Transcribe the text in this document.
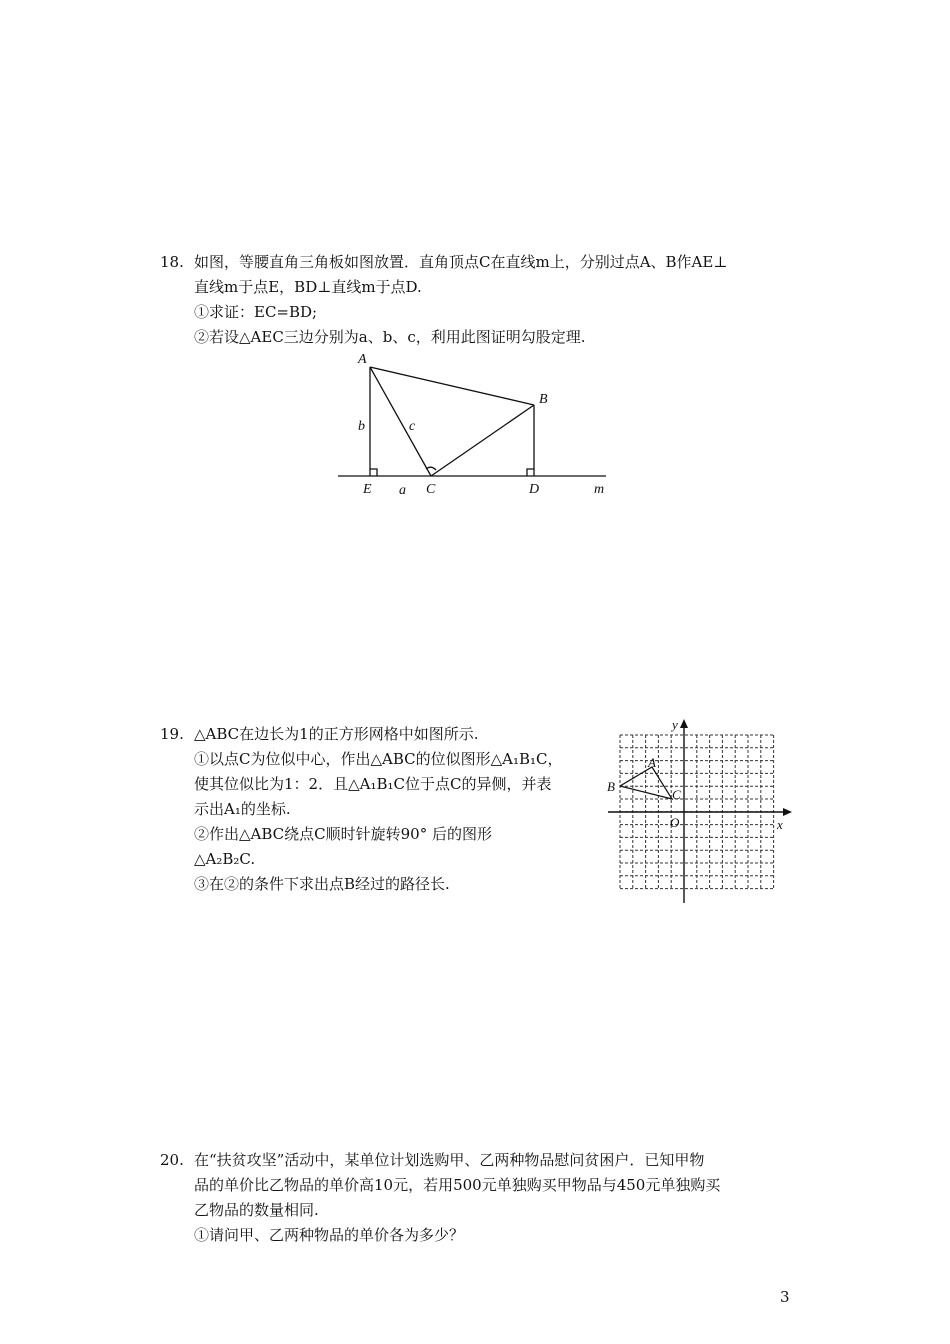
18. 如图，等腰直角三角板如图放置．直角顶点C在直线m上，分别过点A、B作AE⊥
直线m于点E，BD⊥直线m于点D.
①求证：EC=BD;
②若设△AEC三边分别为a、b、c，利用此图证明勾股定理.
A
B
C	D
E a
b	c
m
19. △ABC在边长为1的正方形网格中如图所示.
①以点C为位似中心，作出△ABC的位似图形△A₁B₁C，
使其位似比为1：2．且△A₁B₁C位于点C的异侧，并表
示出A₁的坐标.
②作出△ABC绕点C顺时针旋转90° 后的图形
△A₂B₂C.
③在②的条件下求出点B经过的路径长.
B
A
C
O	x
y
20. 在“扶贫攻坚”活动中，某单位计划选购甲、乙两种物品慰问贫困户．已知甲物
品的单价比乙物品的单价高10元，若用500元单独购买甲物品与450元单独购买
乙物品的数量相同.
①请问甲、乙两种物品的单价各为多少？
3
